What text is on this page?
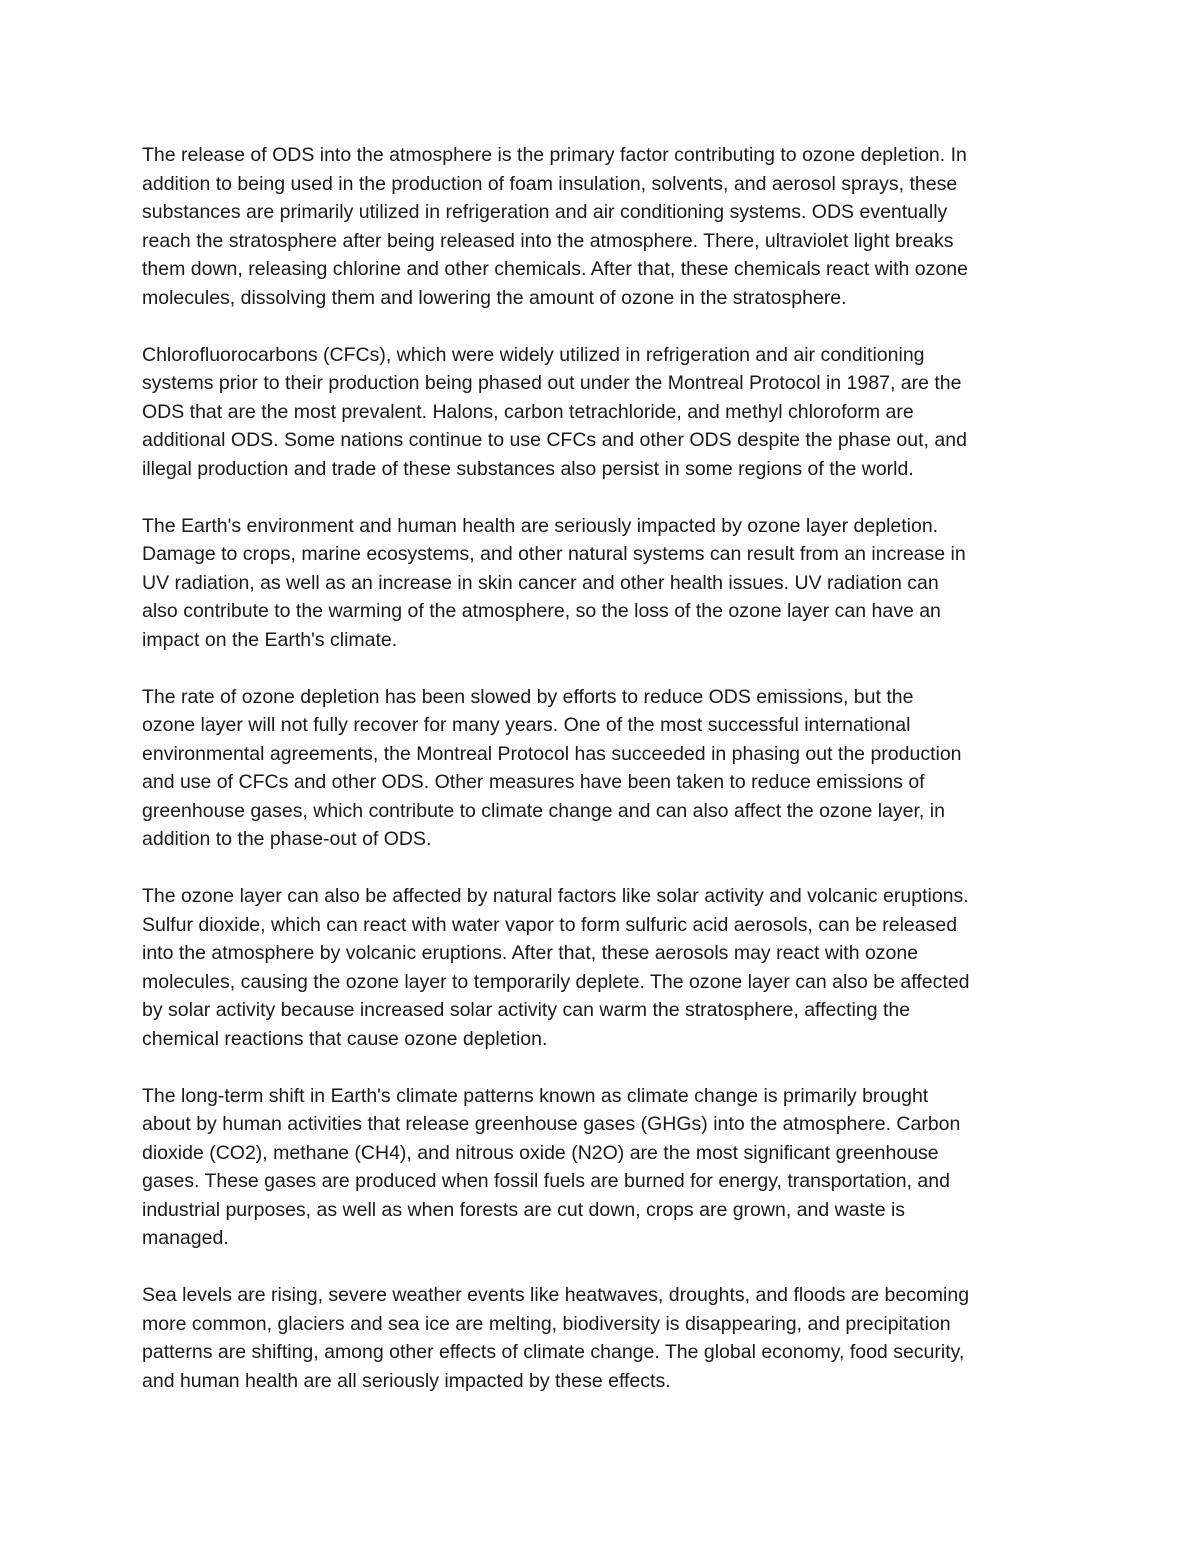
The release of ODS into the atmosphere is the primary factor contributing to ozone depletion. In
addition to being used in the production of foam insulation, solvents, and aerosol sprays, these
substances are primarily utilized in refrigeration and air conditioning systems. ODS eventually
reach the stratosphere after being released into the atmosphere. There, ultraviolet light breaks
them down, releasing chlorine and other chemicals. After that, these chemicals react with ozone
molecules, dissolving them and lowering the amount of ozone in the stratosphere.

Chlorofluorocarbons (CFCs), which were widely utilized in refrigeration and air conditioning
systems prior to their production being phased out under the Montreal Protocol in 1987, are the
ODS that are the most prevalent. Halons, carbon tetrachloride, and methyl chloroform are
additional ODS. Some nations continue to use CFCs and other ODS despite the phase out, and
illegal production and trade of these substances also persist in some regions of the world.

The Earth's environment and human health are seriously impacted by ozone layer depletion.
Damage to crops, marine ecosystems, and other natural systems can result from an increase in
UV radiation, as well as an increase in skin cancer and other health issues. UV radiation can
also contribute to the warming of the atmosphere, so the loss of the ozone layer can have an
impact on the Earth's climate.

The rate of ozone depletion has been slowed by efforts to reduce ODS emissions, but the
ozone layer will not fully recover for many years. One of the most successful international
environmental agreements, the Montreal Protocol has succeeded in phasing out the production
and use of CFCs and other ODS. Other measures have been taken to reduce emissions of
greenhouse gases, which contribute to climate change and can also affect the ozone layer, in
addition to the phase-out of ODS.

The ozone layer can also be affected by natural factors like solar activity and volcanic eruptions.
Sulfur dioxide, which can react with water vapor to form sulfuric acid aerosols, can be released
into the atmosphere by volcanic eruptions. After that, these aerosols may react with ozone
molecules, causing the ozone layer to temporarily deplete. The ozone layer can also be affected
by solar activity because increased solar activity can warm the stratosphere, affecting the
chemical reactions that cause ozone depletion.

The long-term shift in Earth's climate patterns known as climate change is primarily brought
about by human activities that release greenhouse gases (GHGs) into the atmosphere. Carbon
dioxide (CO2), methane (CH4), and nitrous oxide (N2O) are the most significant greenhouse
gases. These gases are produced when fossil fuels are burned for energy, transportation, and
industrial purposes, as well as when forests are cut down, crops are grown, and waste is
managed.

Sea levels are rising, severe weather events like heatwaves, droughts, and floods are becoming
more common, glaciers and sea ice are melting, biodiversity is disappearing, and precipitation
patterns are shifting, among other effects of climate change. The global economy, food security,
and human health are all seriously impacted by these effects.
